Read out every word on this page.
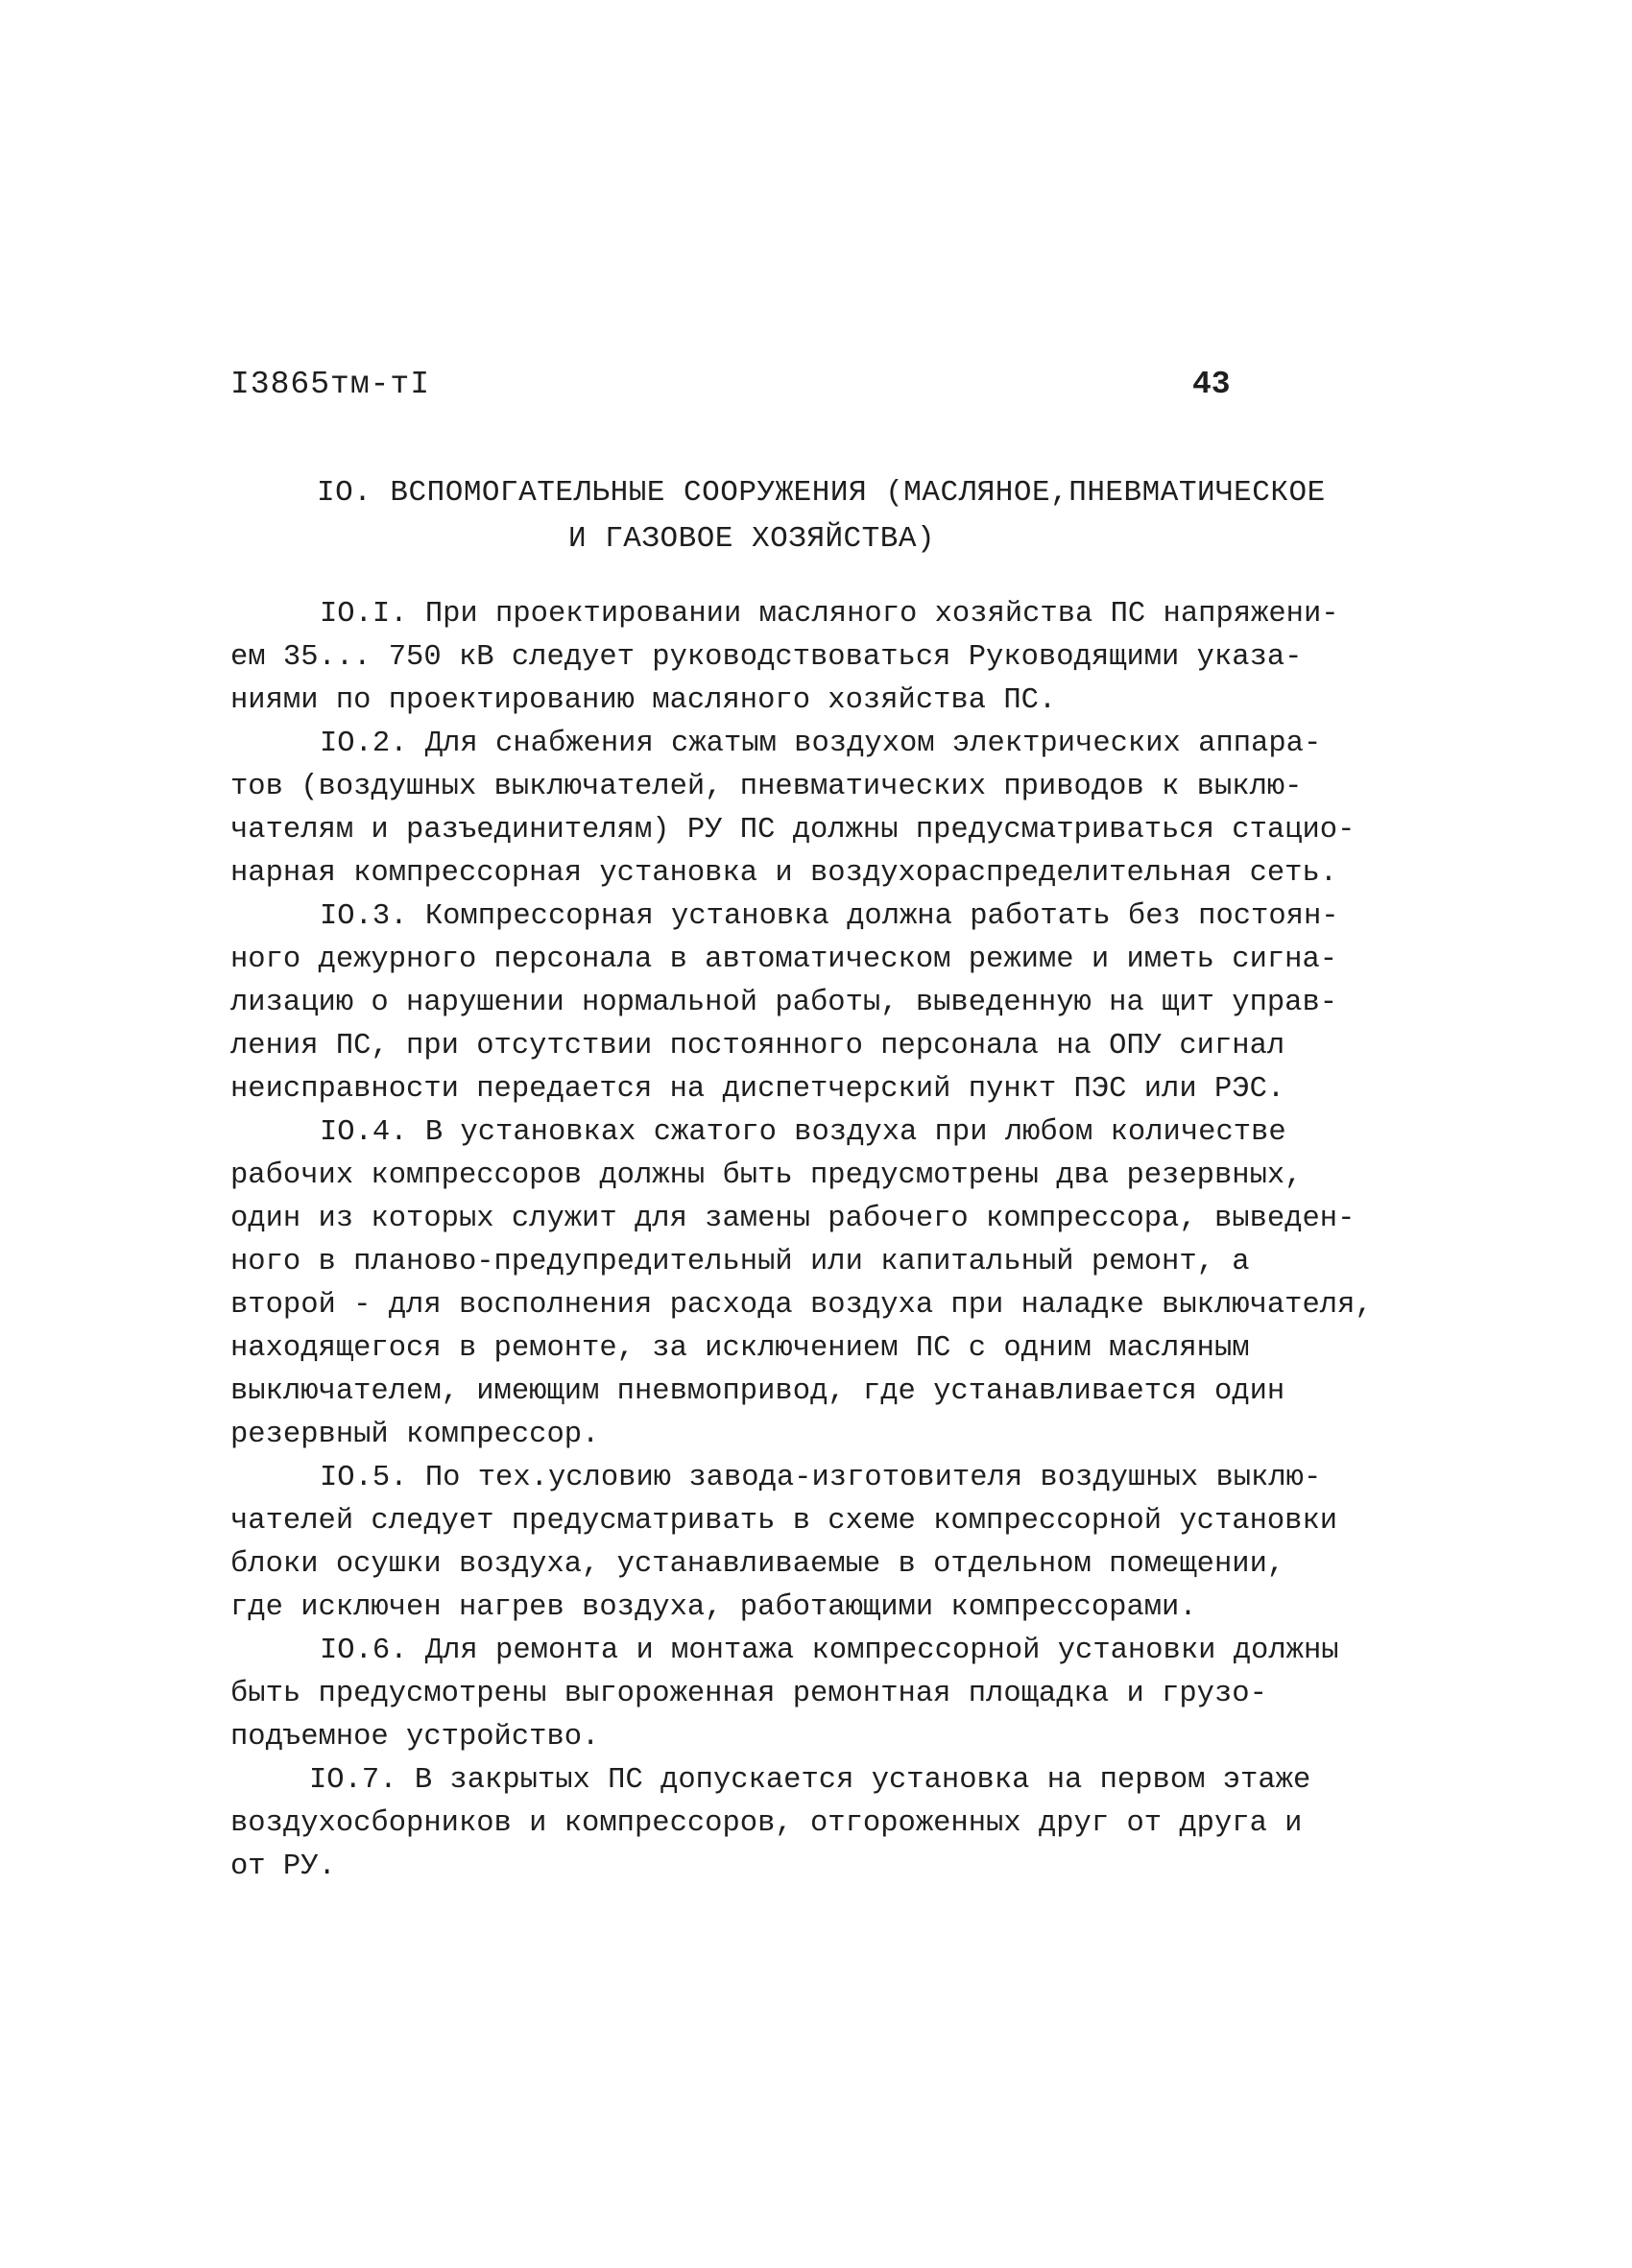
I3865тм-тI	43
IO. ВСПОМОГАТЕЛЬНЫЕ СООРУЖЕНИЯ (МАСЛЯНОЕ,ПНЕВМАТИЧЕСКОЕ
И ГАЗОВОЕ ХОЗЯЙСТВА)

IO.I. При проектировании масляного хозяйства ПС напряжени-
ем 35... 750 кВ следует руководствоваться Руководящими указа-
ниями по проектированию масляного хозяйства ПС.

IO.2. Для снабжения сжатым воздухом электрических аппара-
тов (воздушных выключателей, пневматических приводов к выклю-
чателям и разъединителям) РУ ПС должны предусматриваться стацио-
нарная компрессорная установка и воздухораспределительная сеть.

IO.3. Компрессорная установка должна работать без постоян-
ного дежурного персонала в автоматическом режиме и иметь сигна-
лизацию о нарушении нормальной работы, выведенную на щит управ-
ления ПС, при отсутствии постоянного персонала на ОПУ сигнал
неисправности передается на диспетчерский пункт ПЭС или РЭС.

IO.4. В установках сжатого воздуха при любом количестве
рабочих компрессоров должны быть предусмотрены два резервных,
один из которых служит для замены рабочего компрессора, выведен-
ного в планово-предупредительный или капитальный ремонт, а
второй - для восполнения расхода воздуха при наладке выключателя,
находящегося в ремонте, за исключением ПС с одним масляным
выключателем, имеющим пневмопривод, где устанавливается один
резервный компрессор.

IO.5. По тех.условию завода-изготовителя воздушных выклю-
чателей следует предусматривать в схеме компрессорной установки
блоки осушки воздуха, устанавливаемые в отдельном помещении,
где исключен нагрев воздуха, работающими компрессорами.

IO.6. Для ремонта и монтажа компрессорной установки должны
быть предусмотрены выгороженная ремонтная площадка и грузо-
подъемное устройство.

IO.7. В закрытых ПС допускается установка на первом этаже
воздухосборников и компрессоров, отгороженных друг от друга и
от РУ.
